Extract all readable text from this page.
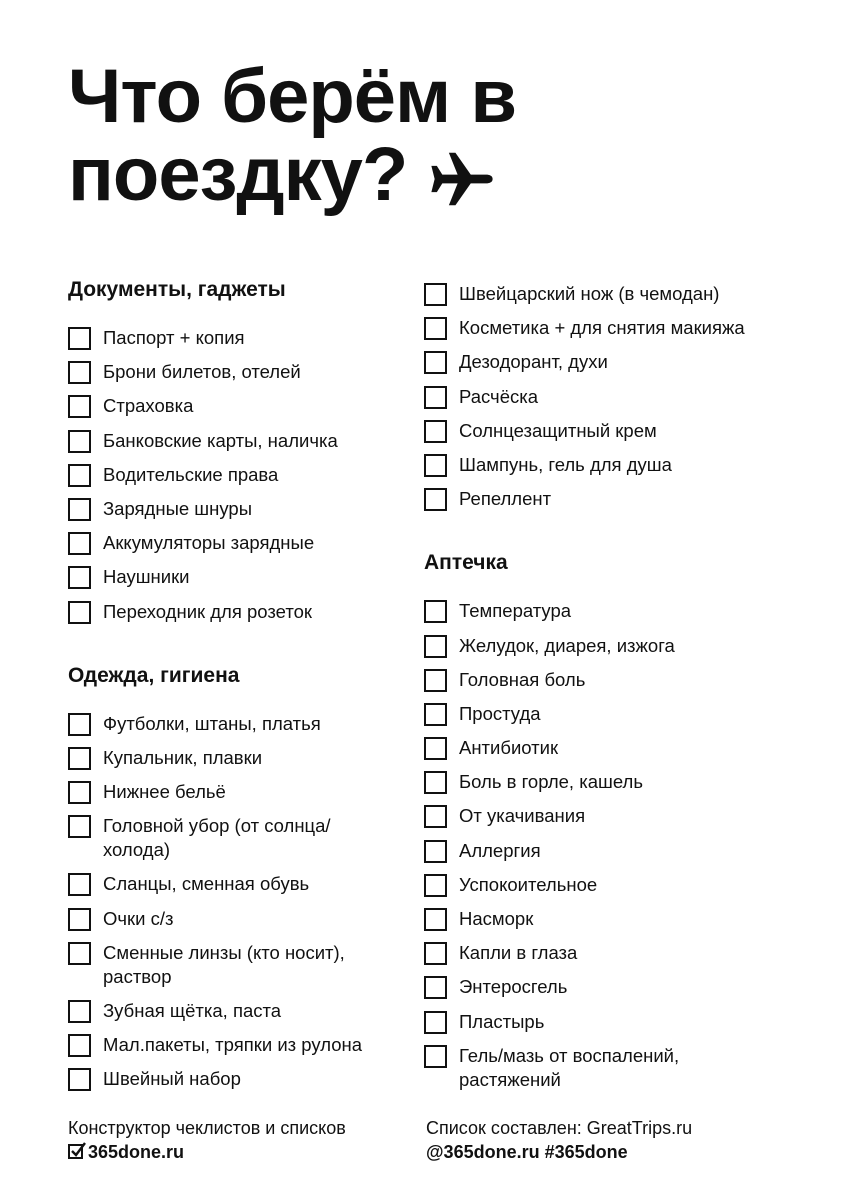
Что берём в

поездку?
Документы, гаджеты
Паспорт + копия
Брони билетов, отелей
Страховка
Банковские карты, наличка
Водительские права
Зарядные шнуры
Аккумуляторы зарядные
Наушники
Переходник для розеток
Одежда, гигиена
Футболки, штаны, платья
Купальник, плавки
Нижнее бельё
Головной убор (от солнца/
холода)
Сланцы, сменная обувь
Очки с/з
Сменные линзы (кто носит),
раствор
Зубная щётка, паста
Мал.пакеты, тряпки из рулона
Швейный набор
Швейцарский нож (в чемодан)
Косметика + для снятия макияжа
Дезодорант, духи
Расчёска
Солнцезащитный крем
Шампунь, гель для душа
Репеллент
Аптечка
Температура
Желудок, диарея, изжога
Головная боль
Простуда
Антибиотик
Боль в горле, кашель
От укачивания
Аллергия
Успокоительное
Насморк
Капли в глаза
Энтеросгель
Пластырь
Гель/мазь от воспалений,
растяжений
Конструктор чеклистов и списков
365done.ru
Список составлен: GreatTrips.ru
@365done.ru #365done
